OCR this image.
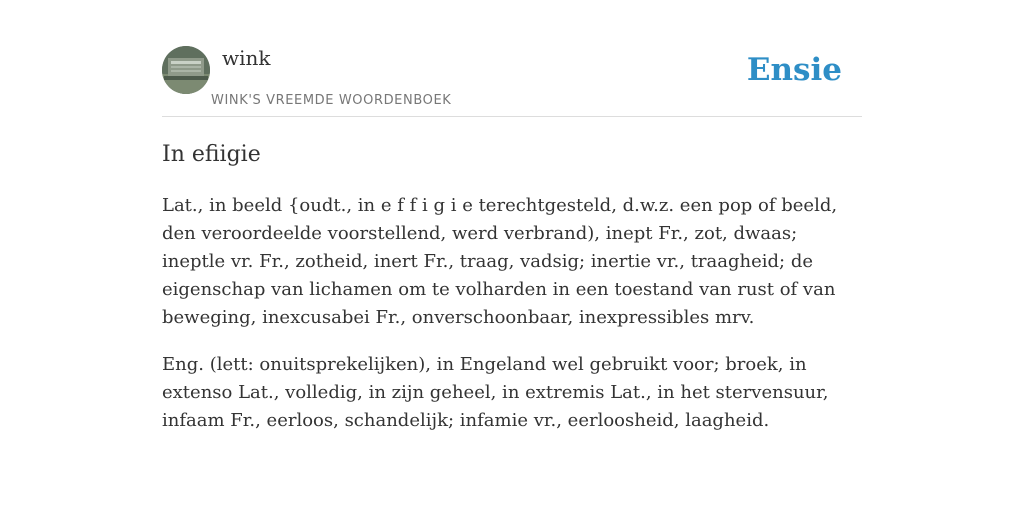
wink
WINK'S VREEMDE WOORDENBOEK
Ensie
In efiigie

Lat., in beeld {oudt., in e f f i g i e terechtgesteld, d.w.z. een pop of beeld, den veroordeelde voorstellend, werd verbrand), inept Fr., zot, dwaas; ineptle vr. Fr., zotheid, inert Fr., traag, vadsig; inertie vr., traagheid; de eigenschap van lichamen om te volharden in een toestand van rust of van beweging, inexcusabei Fr., onverschoonbaar, inexpressibles mrv.

Eng. (lett: onuitsprekelijken), in Engeland wel gebruikt voor; broek, in extenso Lat., volledig, in zijn geheel, in extremis Lat., in het stervensuur, infaam Fr., eerloos, schandelijk; infamie vr., eerloosheid, laagheid.
